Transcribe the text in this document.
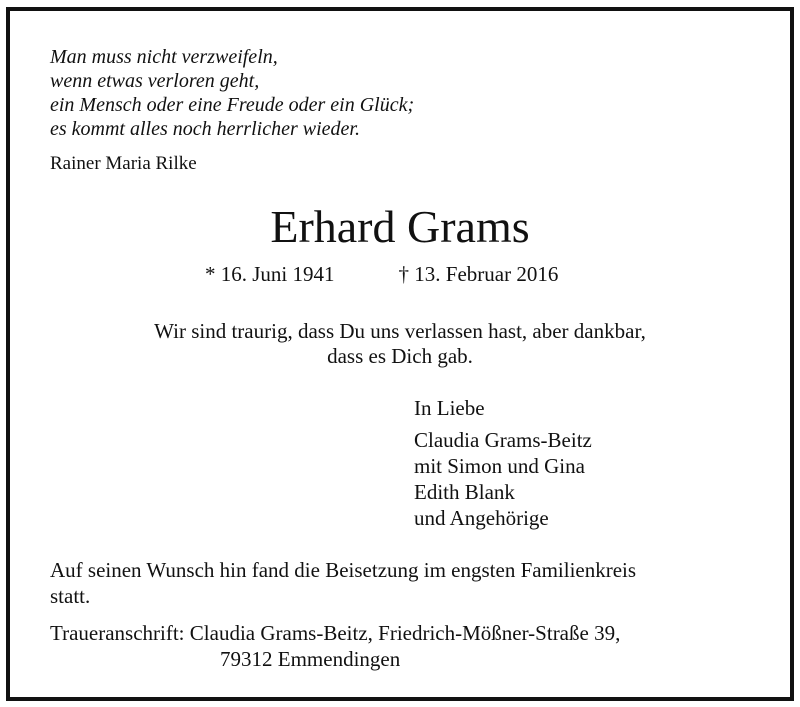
Man muss nicht verzweifeln,
wenn etwas verloren geht,
ein Mensch oder eine Freude oder ein Glück;
es kommt alles noch herrlicher wieder.
Rainer Maria Rilke
Erhard Grams
* 16. Juni 1941	† 13. Februar 2016
Wir sind traurig, dass Du uns verlassen hast, aber dankbar,
dass es Dich gab.
In Liebe
Claudia Grams-Beitz
mit Simon und Gina
Edith Blank
und Angehörige
Auf seinen Wunsch hin fand die Beisetzung im engsten Familienkreis
statt.
Traueranschrift: Claudia Grams-Beitz, Friedrich-Mößner-Straße 39,
79312 Emmendingen
